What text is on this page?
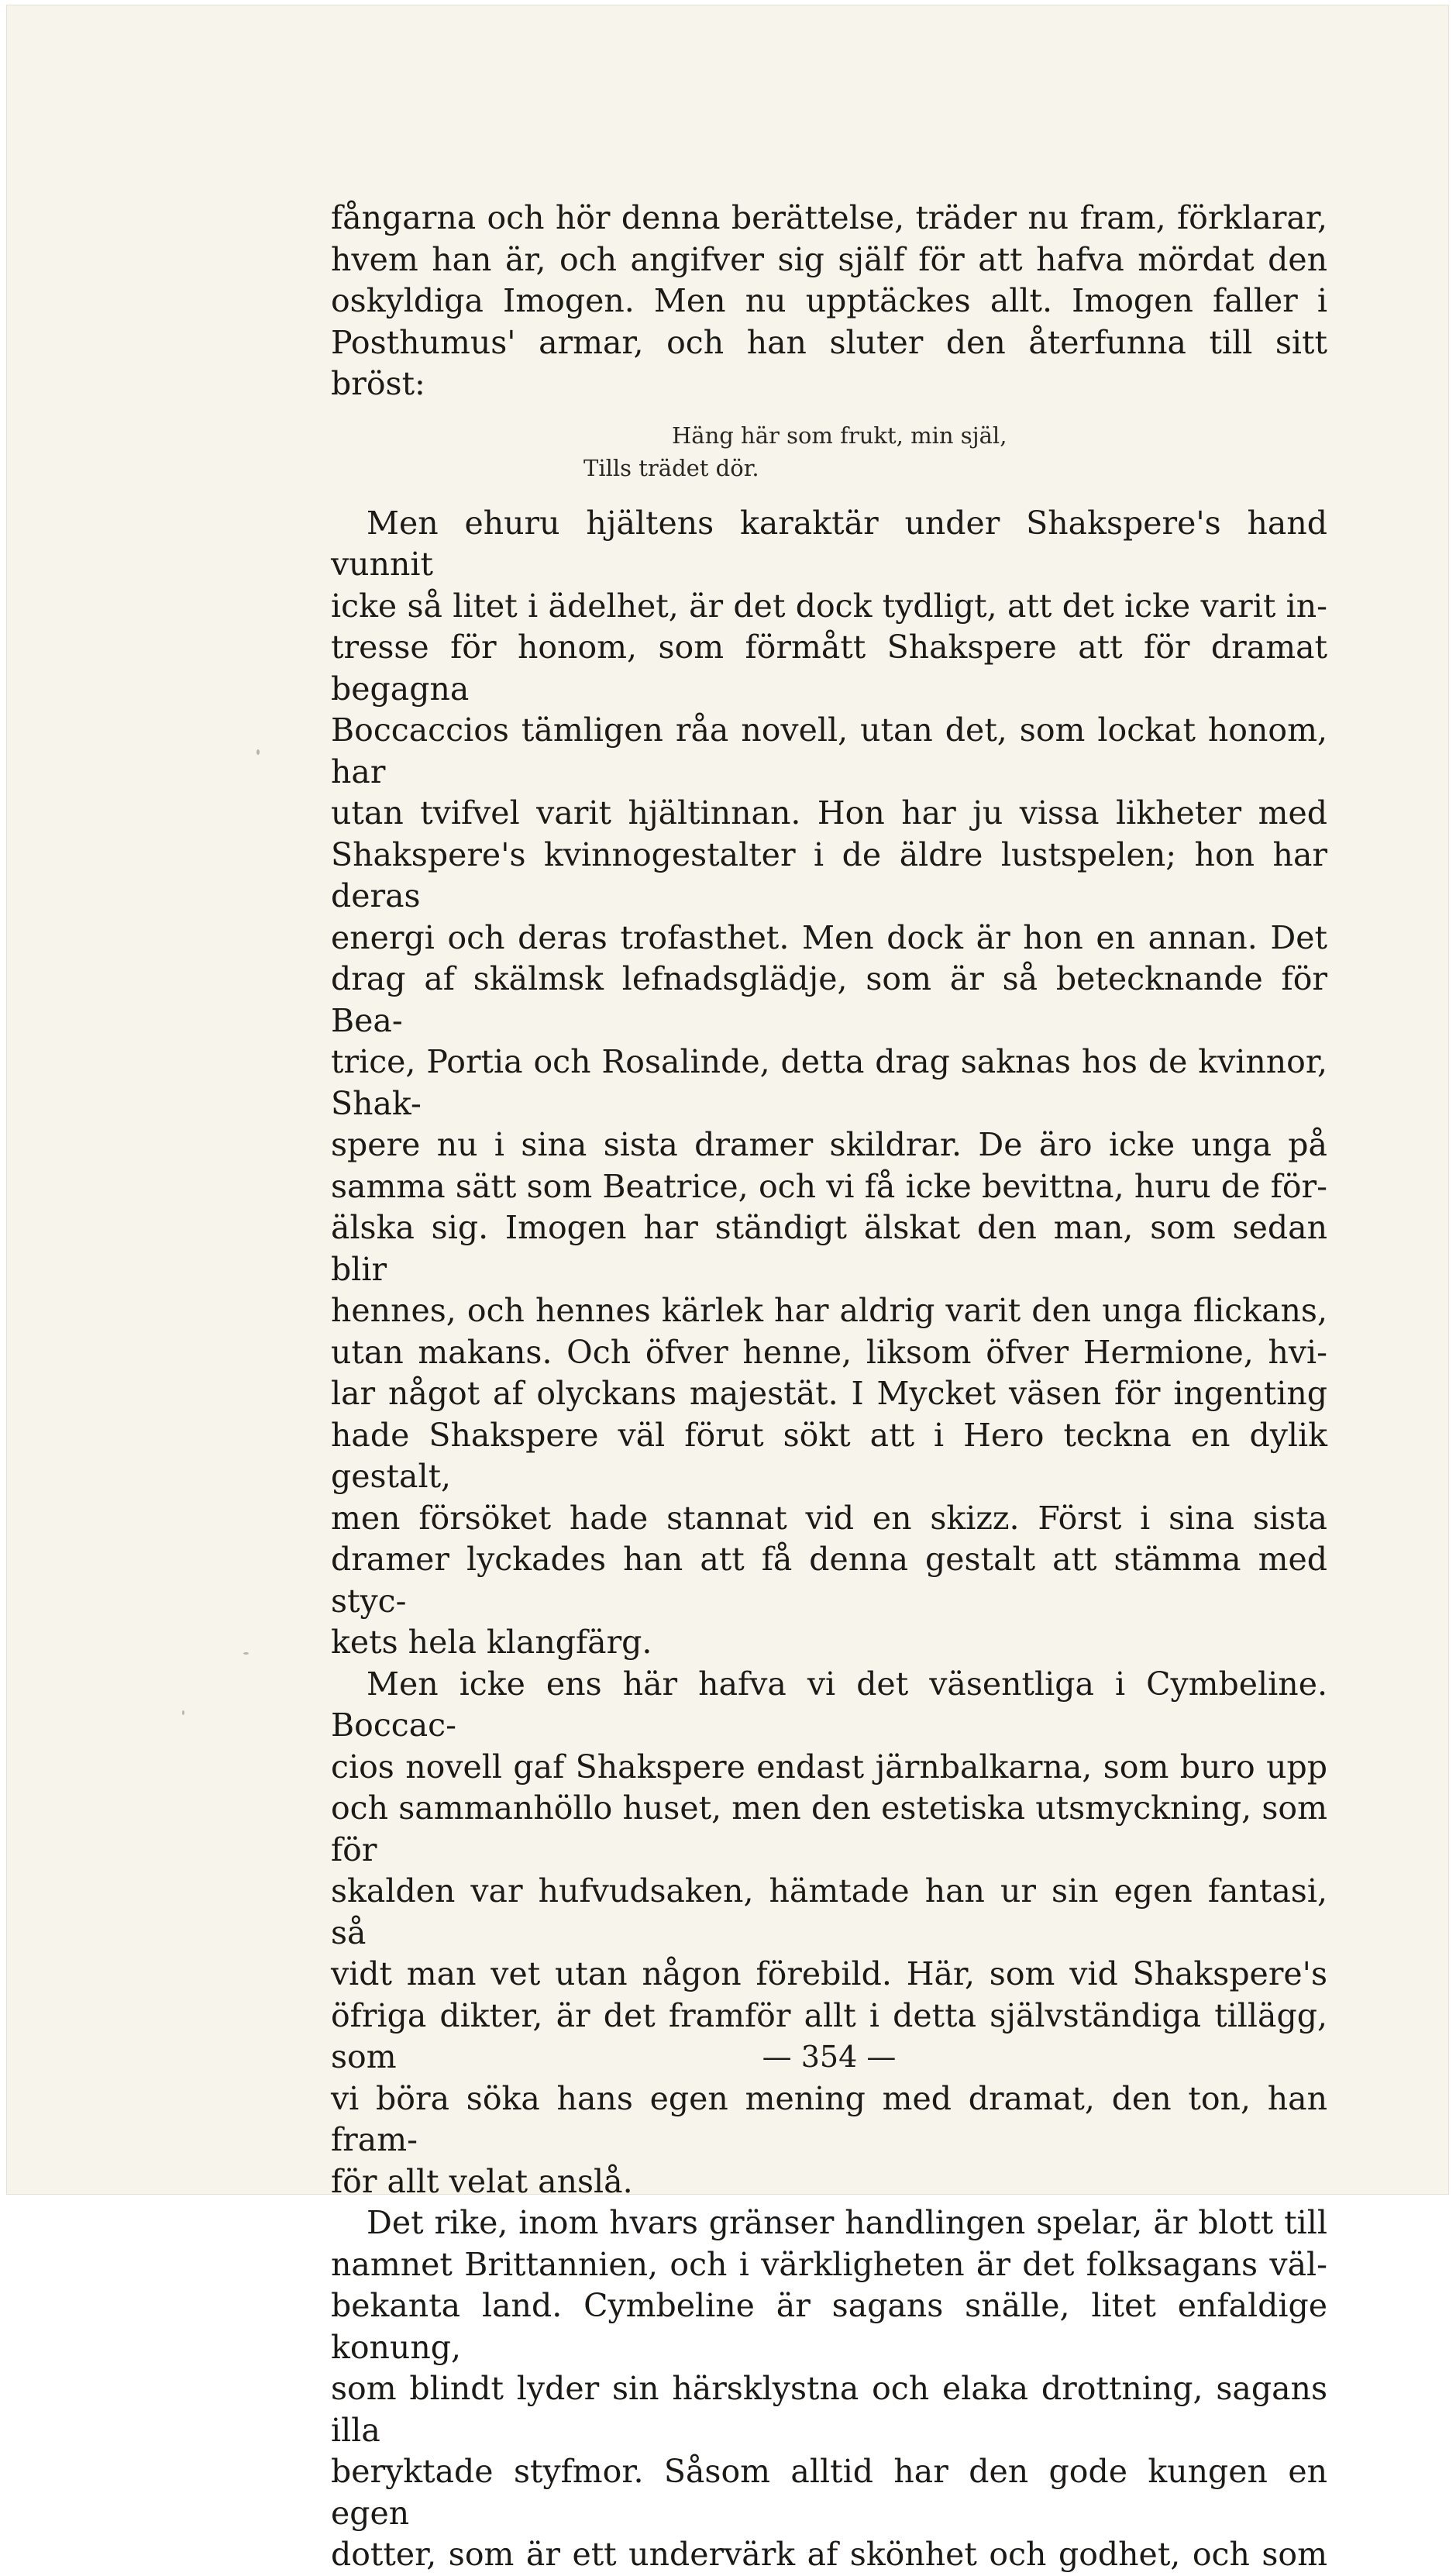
fångarna och hör denna berättelse, träder nu fram, förklarar,

hvem han är, och angifver sig själf för att hafva mördat den

oskyldiga Imogen. Men nu upptäckes allt. Imogen faller i

Posthumus' armar, och han sluter den återfunna till sitt bröst:

Häng här som frukt, min själ,
Tills trädet dör.

Men ehuru hjältens karaktär under Shakspere's hand vunnit

icke så litet i ädelhet, är det dock tydligt, att det icke varit in-

tresse för honom, som förmått Shakspere att för dramat begagna

Boccaccios tämligen råa novell, utan det, som lockat honom, har

utan tvifvel varit hjältinnan. Hon har ju vissa likheter med

Shakspere's kvinnogestalter i de äldre lustspelen; hon har deras

energi och deras trofasthet. Men dock är hon en annan. Det

drag af skälmsk lefnadsglädje, som är så betecknande för Bea-

trice, Portia och Rosalinde, detta drag saknas hos de kvinnor, Shak-

spere nu i sina sista dramer skildrar. De äro icke unga på

samma sätt som Beatrice, och vi få icke bevittna, huru de för-

älska sig. Imogen har ständigt älskat den man, som sedan blir

hennes, och hennes kärlek har aldrig varit den unga flickans,

utan makans. Och öfver henne, liksom öfver Hermione, hvi-

lar något af olyckans majestät. I Mycket väsen för ingenting

hade Shakspere väl förut sökt att i Hero teckna en dylik gestalt,

men försöket hade stannat vid en skizz. Först i sina sista

dramer lyckades han att få denna gestalt att stämma med styc-

kets hela klangfärg.

Men icke ens här hafva vi det väsentliga i Cymbeline. Boccac-

cios novell gaf Shakspere endast järnbalkarna, som buro upp

och sammanhöllo huset, men den estetiska utsmyckning, som för

skalden var hufvudsaken, hämtade han ur sin egen fantasi, så

vidt man vet utan någon förebild. Här, som vid Shakspere's

öfriga dikter, är det framför allt i detta självständiga tillägg, som

vi böra söka hans egen mening med dramat, den ton, han fram-

för allt velat anslå.

Det rike, inom hvars gränser handlingen spelar, är blott till

namnet Brittannien, och i värkligheten är det folksagans väl-

bekanta land. Cymbeline är sagans snälle, litet enfaldige konung,

som blindt lyder sin härsklystna och elaka drottning, sagans illa

beryktade styfmor. Såsom alltid har den gode kungen en egen

dotter, som är ett undervärk af skönhet och godhet, och som

— 354 —
